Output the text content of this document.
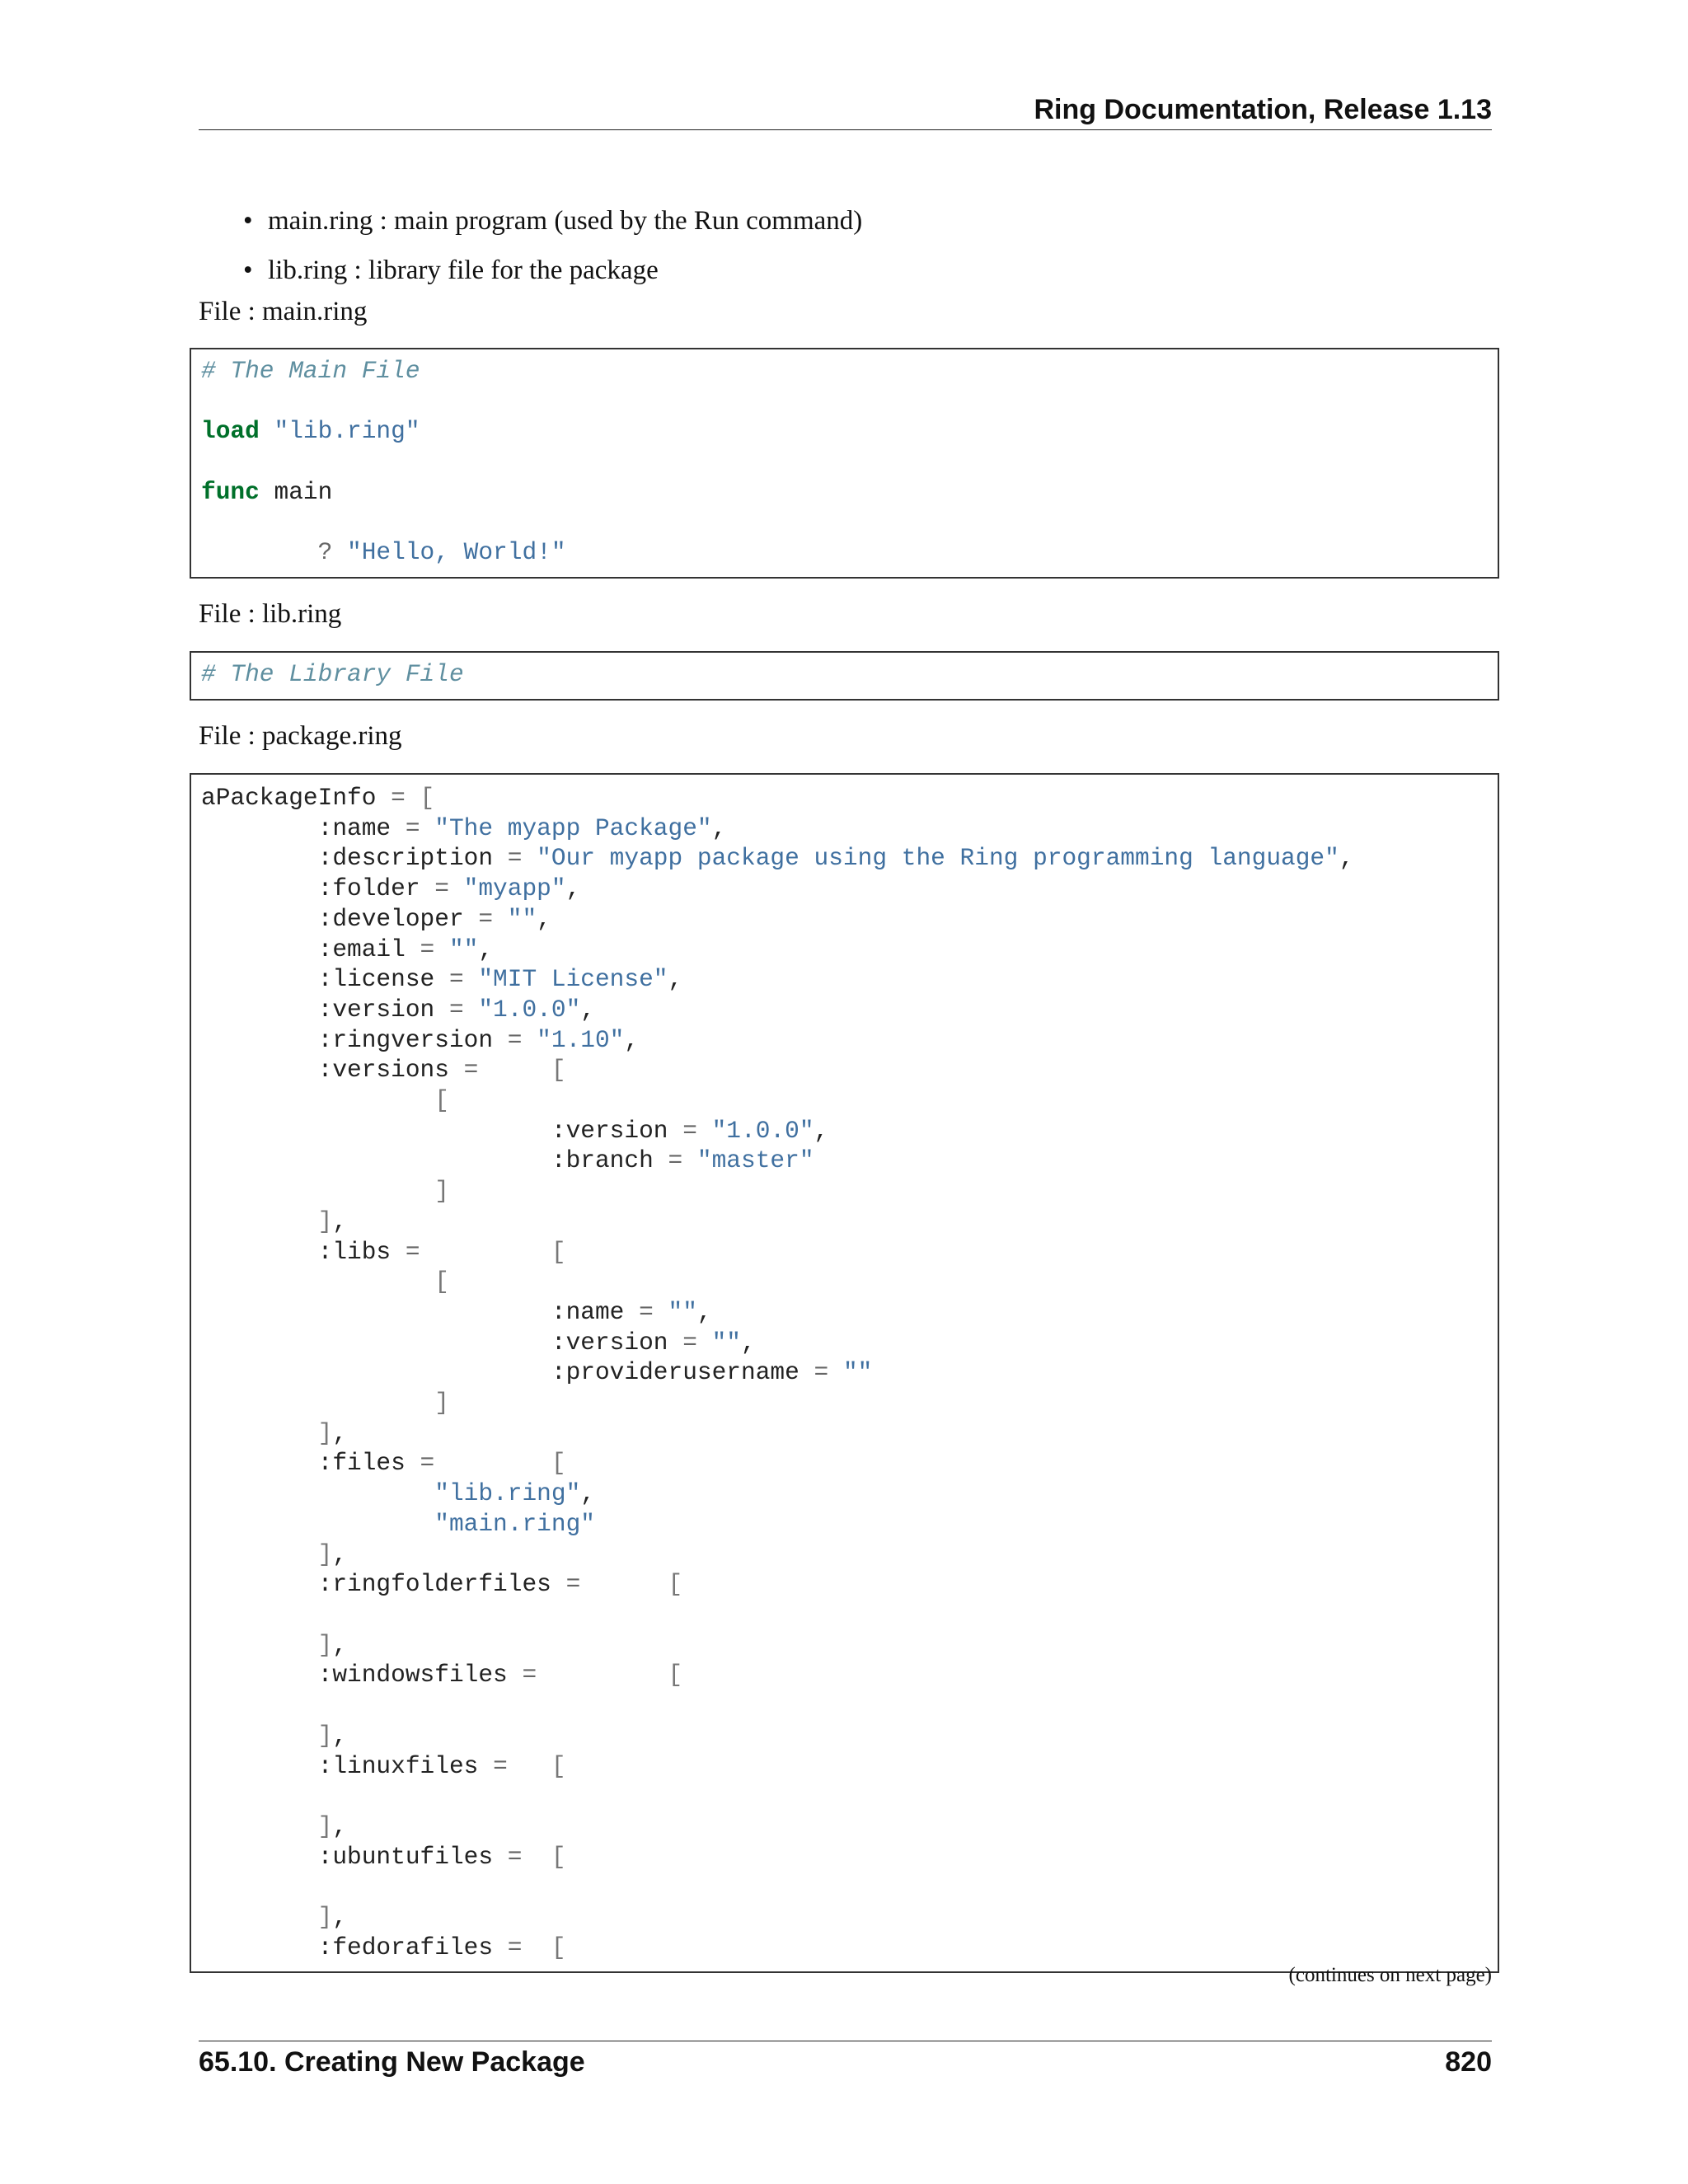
Ring Documentation, Release 1.13
• main.ring : main program (used by the Run command)
• lib.ring : library file for the package
File : main.ring
# The Main File

load "lib.ring"

func main

? "Hello, World!"
File : lib.ring
# The Library File
File : package.ring
aPackageInfo = [
:name = "The myapp Package",
:description = "Our myapp package using the Ring programming language",
:folder = "myapp",
:developer = "",
:email = "",
:license = "MIT License",
:version = "1.0.0",
:ringversion = "1.10",
:versions =	[
[
:version = "1.0.0",
:branch = "master"
]
],
:libs =	[
[
:name = "",
:version = "",
:providerusername = ""
]
],
:files =	[
"lib.ring",
"main.ring"
],
:ringfolderfiles =	[

],
:windowsfiles =	[

],
:linuxfiles = [

],
:ubuntufiles = [

],
:fedorafiles = [
(continues on next page)
65.10. Creating New Package	820
